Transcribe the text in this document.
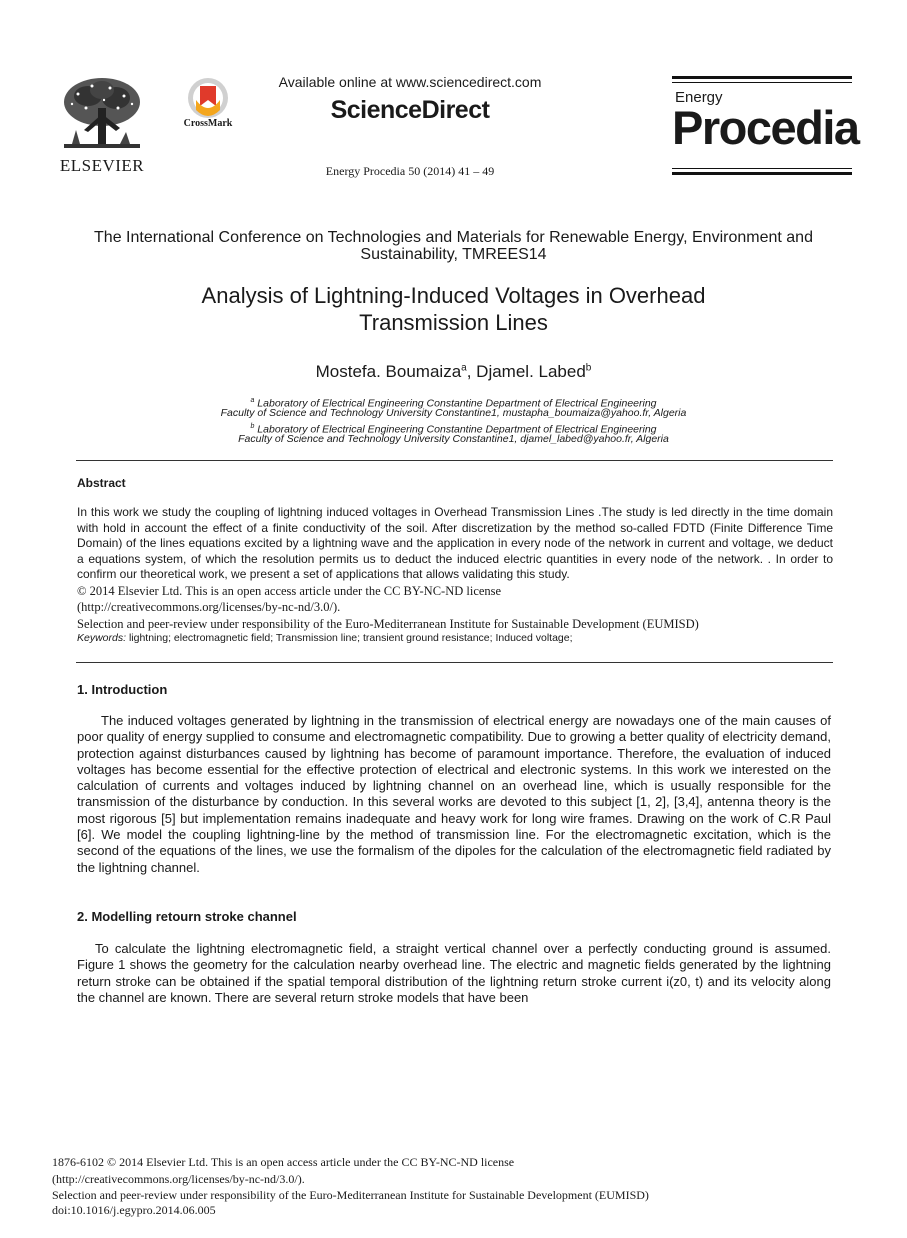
ELSEVIER
CrossMark
Available online at www.sciencedirect.com
ScienceDirect
Energy Procedia 50 (2014) 41 – 49
Energy
Procedia
The International Conference on Technologies and Materials for Renewable Energy, Environment and Sustainability, TMREES14
Analysis of Lightning-Induced Voltages in Overhead
Transmission Lines
Mostefa. Boumaiza$^a$, Djamel. Labed$^b$
$^a$ Laboratory of Electrical Engineering Constantine Department of Electrical Engineering
Faculty of Science and Technology University Constantine1, mustapha_boumaiza@yahoo.fr, Algeria
$^b$ Laboratory of Electrical Engineering Constantine Department of Electrical Engineering
Faculty of Science and Technology University Constantine1, djamel_labed@yahoo.fr, Algeria
Abstract
In this work we study the coupling of lightning induced voltages in Overhead Transmission Lines .The study is led directly in the time domain with hold in account the effect of a finite conductivity of the soil. After discretization by the method so-called FDTD (Finite Difference Time Domain) of the lines equations excited by a lightning wave and the application in every node of the network in current and voltage, we deduct a equations system, of which the resolution permits us to deduct the induced electric quantities in every node of the network. . In order to confirm our theoretical work, we present a set of applications that allows validating this study.
© 2014 Elsevier Ltd. This is an open access article under the CC BY-NC-ND license
(http://creativecommons.org/licenses/by-nc-nd/3.0/).
Selection and peer-review under responsibility of the Euro-Mediterranean Institute for Sustainable Development (EUMISD)
Keywords: lightning; electromagnetic field; Transmission line; transient ground resistance; Induced voltage;
1. Introduction
The induced voltages generated by lightning in the transmission of electrical energy are nowadays one of the main causes of poor quality of energy supplied to consume and electromagnetic compatibility. Due to growing a better quality of electricity demand, protection against disturbances caused by lightning has become of paramount importance. Therefore, the evaluation of induced voltages has become essential for the effective protection of electrical and electronic systems. In this work we interested on the calculation of currents and voltages induced by lightning channel on an overhead line, which is usually responsible for the transmission of the disturbance by conduction. In this several works are devoted to this subject [1, 2], [3,4], antenna theory is the most rigorous [5] but implementation remains inadequate and heavy work for long wire frames. Drawing on the work of C.R Paul [6]. We model the coupling lightning-line by the method of transmission line. For the electromagnetic excitation, which is the second of the equations of the lines, we use the formalism of the dipoles for the calculation of the electromagnetic field radiated by the lightning channel.
2. Modelling retourn stroke channel
To calculate the lightning electromagnetic field, a straight vertical channel over a perfectly conducting ground is assumed. Figure 1 shows the geometry for the calculation nearby overhead line. The electric and magnetic fields generated by the lightning return stroke can be obtained if the spatial temporal distribution of the lightning return stroke current i(z0, t) and its velocity along the channel are known. There are several return stroke models that have been
1876-6102 © 2014 Elsevier Ltd. This is an open access article under the CC BY-NC-ND license
(http://creativecommons.org/licenses/by-nc-nd/3.0/).
Selection and peer-review under responsibility of the Euro-Mediterranean Institute for Sustainable Development (EUMISD)
doi:10.1016/j.egypro.2014.06.005
